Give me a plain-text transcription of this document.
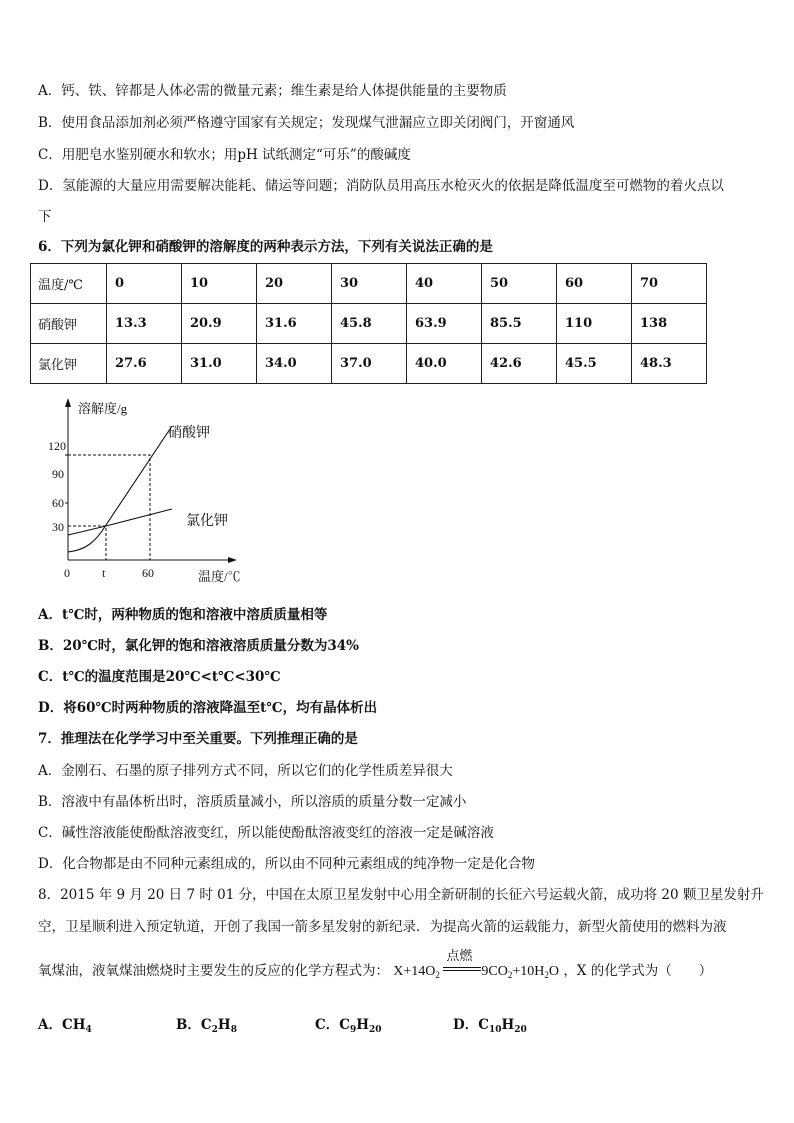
A．钙、铁、锌都是人体必需的微量元素；维生素是给人体提供能量的主要物质
B．使用食品添加剂必须严格遵守国家有关规定；发现煤气泄漏应立即关闭阀门，开窗通风
C．用肥皂水鉴别硬水和软水；用pH 试纸测定“可乐”的酸碱度
D．氢能源的大量应用需要解决能耗、储运等问题；消防队员用高压水枪灭火的依据是降低温度至可燃物的着火点以
下
6．下列为氯化钾和硝酸钾的溶解度的两种表示方法，下列有关说法正确的是
温度/℃	0	10	20	30	40	50	60	70
硝酸钾	13.3	20.9	31.6	45.8	63.9	85.5	110	138
氯化钾	27.6	31.0	34.0	37.0	40.0	42.6	45.5	48.3
溶解度/g
温度/℃
120
90
60
30
0	t	60
硝酸钾
氯化钾
A．t℃时，两种物质的饱和溶液中溶质质量相等
B．20℃时，氯化钾的饱和溶液溶质质量分数为34%
C．t℃的温度范围是20℃<t℃<30℃
D．将60℃时两种物质的溶液降温至t℃，均有晶体析出
7．推理法在化学学习中至关重要。下列推理正确的是
A．金刚石、石墨的原子排列方式不同，所以它们的化学性质差异很大
B．溶液中有晶体析出时，溶质质量减小，所以溶质的质量分数一定减小
C．碱性溶液能使酚酞溶液变红，所以能使酚酞溶液变红的溶液一定是碱溶液
D．化合物都是由不同种元素组成的，所以由不同种元素组成的纯净物一定是化合物
8．2015 年 9 月 20 日 7 时 01 分，中国在太原卫星发射中心用全新研制的长征六号运载火箭，成功将 20 颗卫星发射升
空，卫星顺利进入预定轨道，开创了我国一箭多星发射的新纪录．为提高火箭的运载能力，新型火箭使用的燃料为液
氧煤油，液氧煤油燃烧时主要发生的反应的化学方程式为： $X+14O_2$
点燃
$9CO_2+10H_2O$ ，X 的化学式为（　　）
A．$CH_4$	B．$C_2H_8$	C．$C_9H_{20}$	D．$C_{10}H_{20}$
